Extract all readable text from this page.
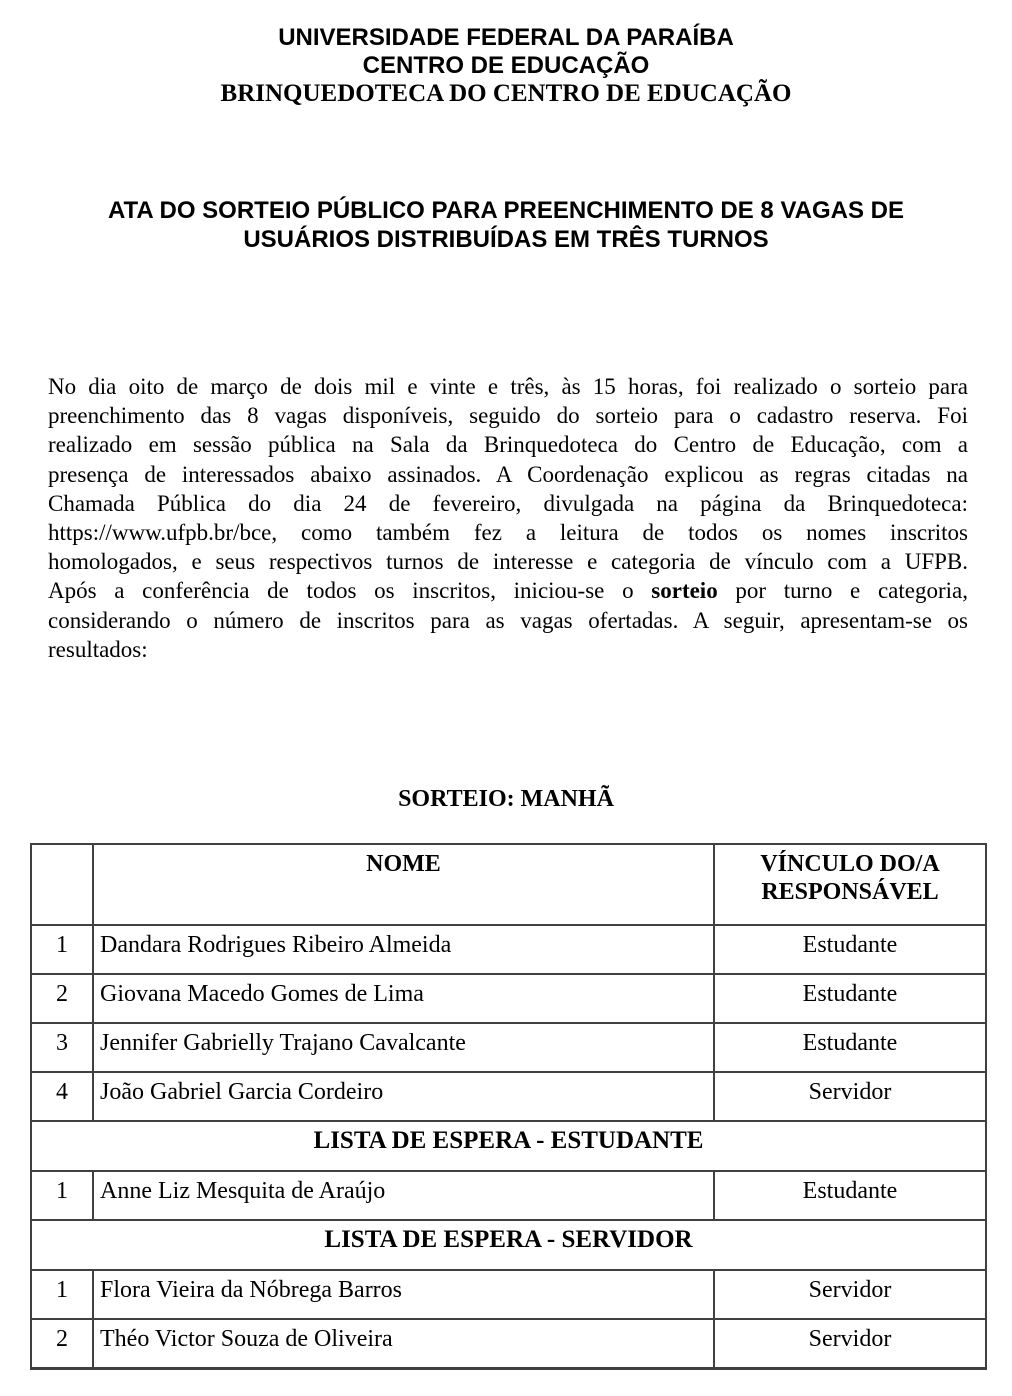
UNIVERSIDADE FEDERAL DA PARAÍBA
CENTRO DE EDUCAÇÃO
BRINQUEDOTECA DO CENTRO DE EDUCAÇÃO
ATA DO SORTEIO PÚBLICO PARA PREENCHIMENTO DE 8 VAGAS DE
USUÁRIOS DISTRIBUÍDAS EM TRÊS TURNOS
No dia oito de março de dois mil e vinte e três, às 15 horas, foi realizado o sorteio para
preenchimento das 8 vagas disponíveis, seguido do sorteio para o cadastro reserva. Foi
realizado em sessão pública na Sala da Brinquedoteca do Centro de Educação, com a
presença de interessados abaixo assinados. A Coordenação explicou as regras citadas na
Chamada Pública do dia 24 de fevereiro, divulgada na página da Brinquedoteca:
https://www.ufpb.br/bce, como também fez a leitura de todos os nomes inscritos
homologados, e seus respectivos turnos de interesse e categoria de vínculo com a UFPB.
Após a conferência de todos os inscritos, iniciou-se o sorteio por turno e categoria,
considerando o número de inscritos para as vagas ofertadas. A seguir, apresentam-se os
resultados:
SORTEIO: MANHÃ
	NOME	VÍNCULO DO/A RESPONSÁVEL
1	Dandara Rodrigues Ribeiro Almeida	Estudante
2	Giovana Macedo Gomes de Lima	Estudante
3	Jennifer Gabrielly Trajano Cavalcante	Estudante
4	João Gabriel Garcia Cordeiro	Servidor
LISTA DE ESPERA - ESTUDANTE		
1	Anne Liz Mesquita de Araújo	Estudante
LISTA DE ESPERA - SERVIDOR		
1	Flora Vieira da Nóbrega Barros	Servidor
2	Théo Victor Souza de Oliveira	Servidor
